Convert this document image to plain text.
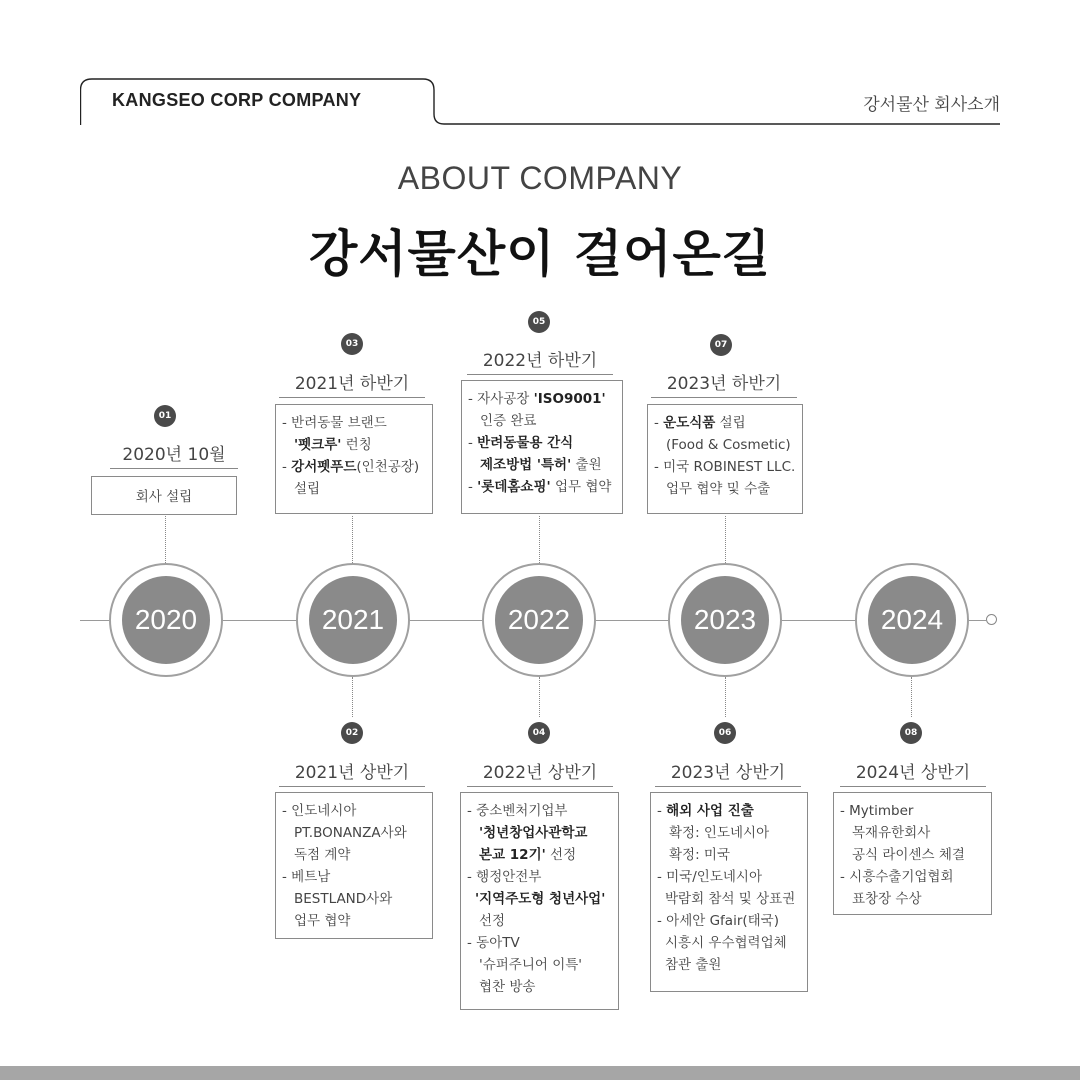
KANGSEO CORP COMPANY	강서물산 회사소개
ABOUT COMPANY
강서물산이 걸어온길
2020	2021	2022	2023	2024
01
2020년 10월
회사 설립
03
2021년 하반기
- 반려동물 브랜드
'펫크루' 런칭
- 강서펫푸드(인천공장)
설립
05
2022년 하반기
- 자사공장 'ISO9001'
인증 완료
- 반려동물용 간식
제조방법 '특허' 출원
- '롯데홈쇼핑' 업무 협약
07
2023년 하반기
- 운도식품 설립
(Food & Cosmetic)
- 미국 ROBINEST LLC.
업무 협약 및 수출
02
2021년 상반기
- 인도네시아
PT.BONANZA사와
독점 계약
- 베트남
BESTLAND사와
업무 협약
04
2022년 상반기
- 중소벤처기업부
'청년창업사관학교
본교 12기' 선정
- 행정안전부
'지역주도형 청년사업'
선정
- 동아TV
'슈퍼주니어 이특'
협찬 방송
06
2023년 상반기
- 해외 사업 진출
확정: 인도네시아
확정: 미국
- 미국/인도네시아
박람회 참석 및 상표권
- 아세안 Gfair(태국)
시흥시 우수협력업체
참관 출원
08
2024년 상반기
- Mytimber
목재유한회사
공식 라이센스 체결
- 시흥수출기업협회
표창장 수상
